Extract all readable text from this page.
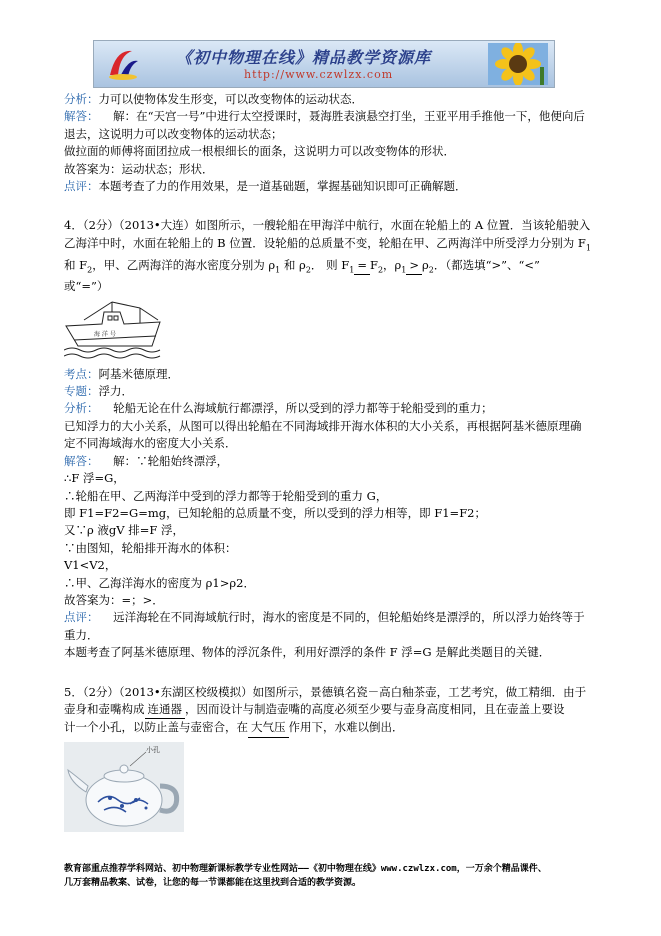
《初中物理在线》精品教学资源库
http://www.czwlzx.com

分析：力可以使物体发生形变，可以改变物体的运动状态．

解答： 解：在“天宫一号”中进行太空授课时，聂海胜表演悬空打坐，王亚平用手推他一下，他便向后

退去，这说明力可以改变物体的运动状态；

做拉面的师傅将面团拉成一根根细长的面条，这说明力可以改变物体的形状．

故答案为：运动状态；形状．

点评：本题考查了力的作用效果，是一道基础题，掌握基础知识即可正确解题．

4．（2分）（2013•大连）如图所示，一艘轮船在甲海洋中航行，水面在轮船上的 A 位置．当该轮船驶入

乙海洋中时，水面在轮船上的 B 位置．设轮船的总质量不变，轮船在甲、乙两海洋中所受浮力分别为 $F_1$

和 $F_2$，甲、乙两海洋的海水密度分别为 $\rho_1$ 和 $\rho_2$． 则 $F_1=F_2$，$\rho_1>\rho_2$．（都选填“>”、“<”

或“=”）

海 洋 号

考点：阿基米德原理．

专题：浮力．

分析： 轮船无论在什么海域航行都漂浮，所以受到的浮力都等于轮船受到的重力；

已知浮力的大小关系，从图可以得出轮船在不同海域排开海水体积的大小关系，再根据阿基米德原理确

定不同海域海水的密度大小关系．

解答： 解：∵轮船始终漂浮，

∴F 浮=G，

∴轮船在甲、乙两海洋中受到的浮力都等于轮船受到的重力 G，

即 F1=F2=G=mg，已知轮船的总质量不变，所以受到的浮力相等，即 F1=F2；

又∵ρ 液gV 排=F 浮，

∵由图知，轮船排开海水的体积：

V1<V2，

∴甲、乙海洋海水的密度为 ρ1>ρ2．

故答案为：=；>．

点评： 远洋海轮在不同海域航行时，海水的密度是不同的，但轮船始终是漂浮的，所以浮力始终等于

重力．

本题考查了阿基米德原理、物体的浮沉条件，利用好漂浮的条件 F 浮=G 是解此类题目的关键．

5．（2分）（2013•东湖区校级模拟）如图所示，景德镇名瓷－高白釉茶壶，工艺考究，做工精细．由于

壶身和壶嘴构成 连通器 ，因而设计与制造壶嘴的高度必须至少要与壶身高度相同，且在壶盖上要设

计一个小孔，以防止盖与壶密合，在 大气压 作用下，水难以倒出．

小孔
教育部重点推荐学科网站、初中物理新课标教学专业性网站——《初中物理在线》www.czwlzx.com，一万余个精品课件、
几万套精品教案、试卷，让您的每一节课都能在这里找到合适的教学资源。
